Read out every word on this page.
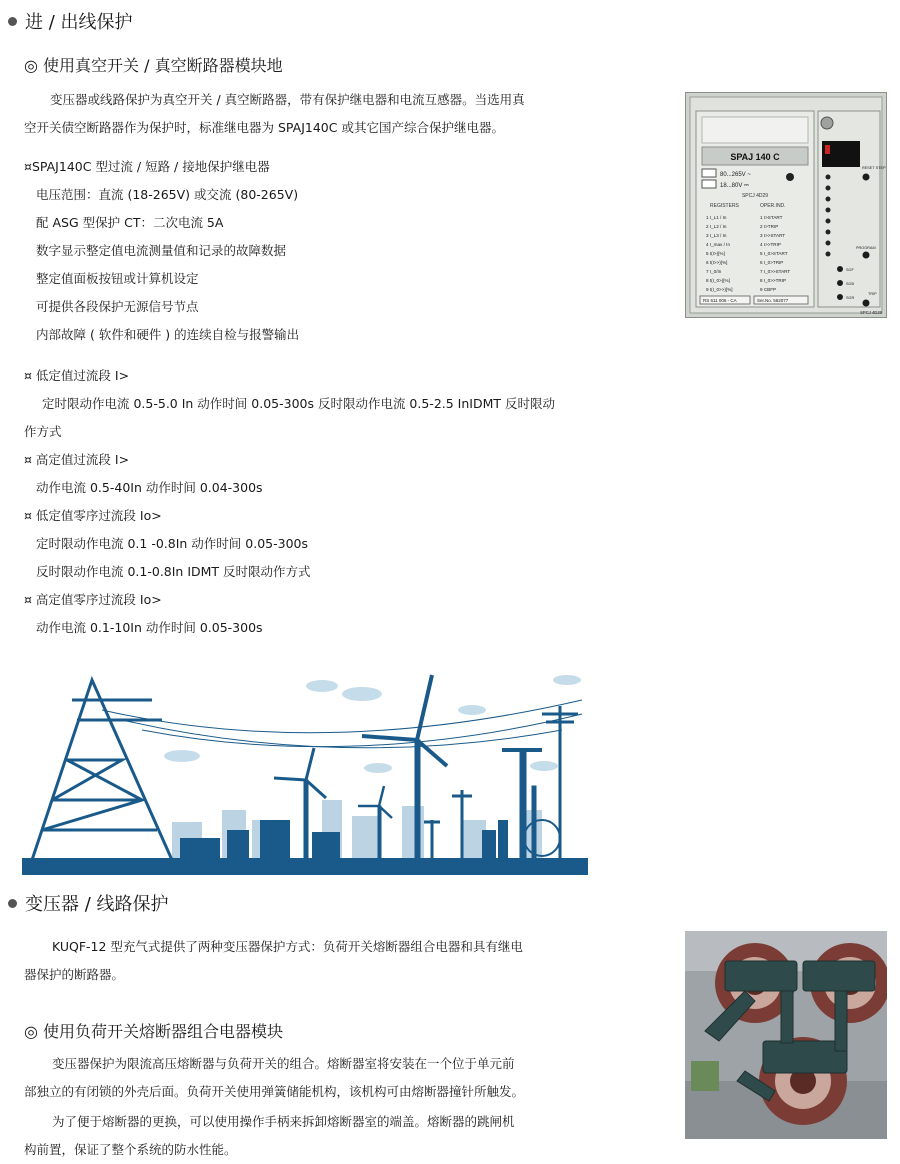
进 / 出线保护
◎ 使用真空开关 / 真空断路器模块地
变压器或线路保护为真空开关 / 真空断路器，带有保护继电器和电流互感器。当选用真
空开关债空断路器作为保护时，标准继电器为 SPAJ140C 或其它国产综合保护继电器。
¤SPAJ140C 型过流 / 短路 / 接地保护继电器
电压范围：直流 (18-265V) 或交流 (80-265V)
配 ASG 型保护 CT：二次电流 5A
数字显示整定值电流测量值和记录的故障数据
整定值面板按钮或计算机设定
可提供各段保护无源信号节点
内部故障 ( 软件和硬件 ) 的连续自检与报警输出
¤ 低定值过流段 I>
定时限动作电流 0.5-5.0 In 动作时间 0.05-300s 反时限动作电流 0.5-2.5 InIDMT 反时限动
作方式
¤ 高定值过流段 I>
动作电流 0.5-40In 动作时间 0.04-300s
¤ 低定值零序过流段 Io>
定时限动作电流 0.1 -0.8In 动作时间 0.05-300s
反时限动作电流 0.1-0.8In IDMT 反时限动作方式
¤ 高定值零序过流段 Io>
动作电流 0.1-10In 动作时间 0.05-300s
SPAJ 140 C
80...265V ~
18...80V ⎓
SPCJ 4D29
REGISTERS	OPER.IND.
1 I_L1 / In
2 I_L2 / In
3 I_L3 / In
4 I_max / In
5 t(I>)[%]
6 t(I>>)[%]
7 I_0/In
8 t(I_0>)[%]
9 t(I_0>>)[%]
1 I>START
2 I>TRIP
3 I>>START
4 I>>TRIP
5 I_0>START
6 I_0>TRIP
7 I_0>>START
8 I_0>>TRIP
9 CBFP
RS 611 006 - CA	Ser.No. 562077
RESET STEP
PROGRAM
SGF
SGB
SGR
TRIP
SPCJ 4D29
变压器 / 线路保护
KUQF-12 型充气式提供了两种变压器保护方式：负荷开关熔断器组合电器和具有继电
器保护的断路器。
◎ 使用负荷开关熔断器组合电器模块
变压器保护为限流高压熔断器与负荷开关的组合。熔断器室将安装在一个位于单元前
部独立的有闭锁的外壳后面。负荷开关使用弹簧储能机构，该机构可由熔断器撞针所触发。
为了便于熔断器的更换，可以使用操作手柄来拆卸熔断器室的端盖。熔断器的跳闸机
构前置，保证了整个系统的防水性能。
